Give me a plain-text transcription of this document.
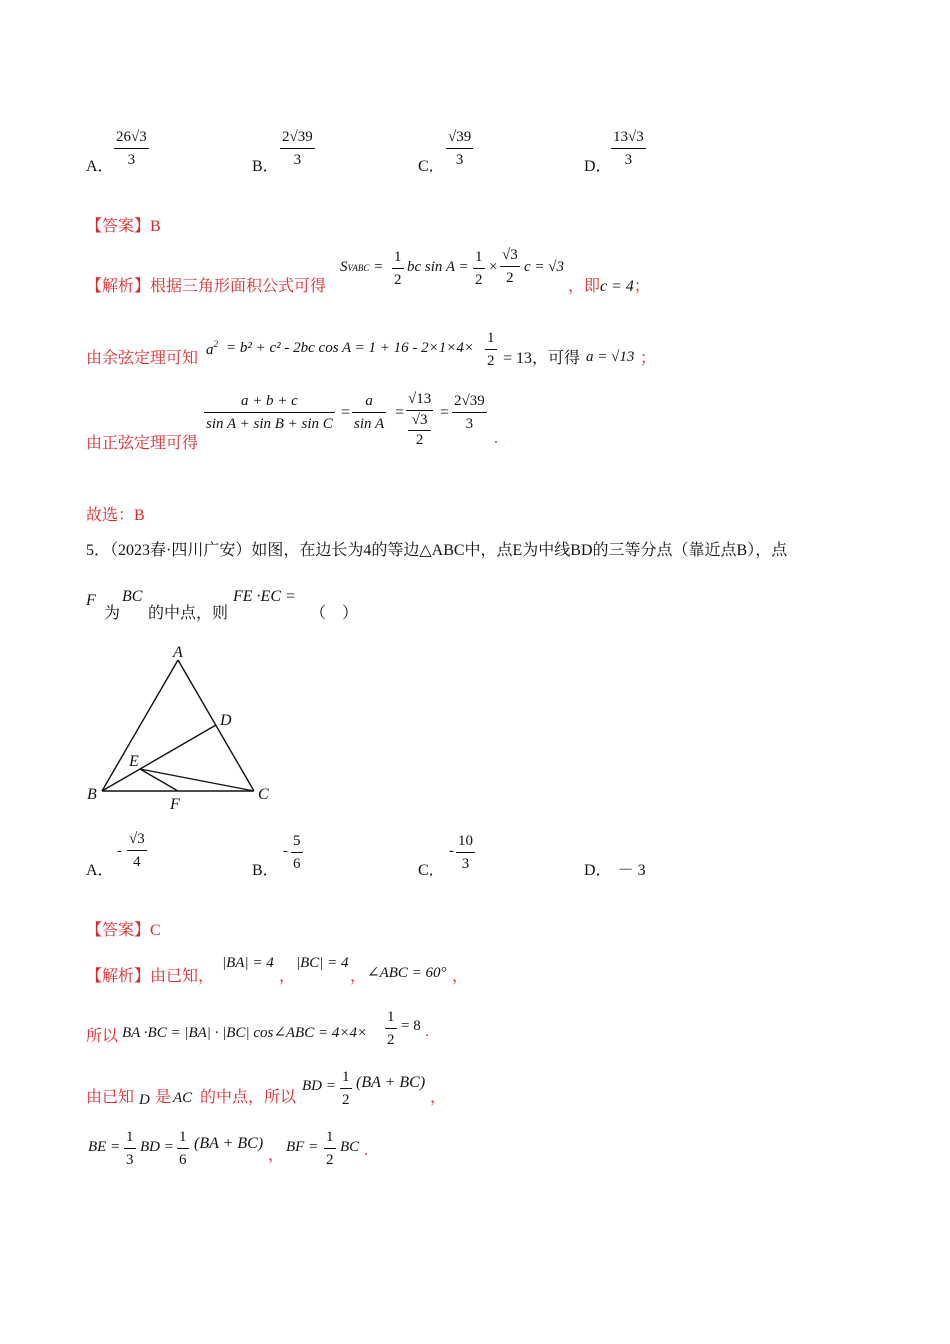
A． $\frac{26√3}{3}$	B． $\frac{2√39}{3}$	C． $\frac{√39}{3}$	D． $\frac{13√3}{3}$
【答案】B
【解析】根据三角形面积公式可得
SVABC = $\frac{1}{2}$ bc $\sin A = \frac{1}{2} \times \frac{√3}{2}$ c = √3
，即c = 4；
由余弦定理可知 $a^2 = b^2 + c^2 - 2bc$ $\cos A = 1 + 16 - 2\times 1\times 4\times \frac{1}{2} = 13$，可得 a = √13 ；
由正弦定理可得
$\frac{a + b + c}{\text{sin A + sin B + sin C}} = \frac{a}{\text{sin A}}$ =
√13
√3

2
= $\frac{2√39}{3}$
.
故选：B
5．（2023春·四川广安）如图，在边长为4的等边△ABC中，点E为中线BD的三等分点（靠近点B），点
F
为
BC
的中点，则
FE ·EC =
（　）
A
B	C
D
E
F
A．
- $\frac{√3}{4}$
B．
- $\frac{5}{6}$	C．
- $\frac{10}{3}$	D． － 3
【答案】C
【解析】由已知，
|BA| = 4
，
|BC| = 4
， ∠ABC = 60° ，
所以 BA ·BC = |BA| · |BC| cos∠ABC = $4\times 4\times \frac{1}{2} = 8$ .
由已知 D 是 AC 的中点，所以
BD = $\frac{1}{2} (BA + BC)$
，
BE = $\frac{1}{3}$ BD = $\frac{1}{6} (BA + BC)$
， BF = $\frac{1}{2}$ BC .
